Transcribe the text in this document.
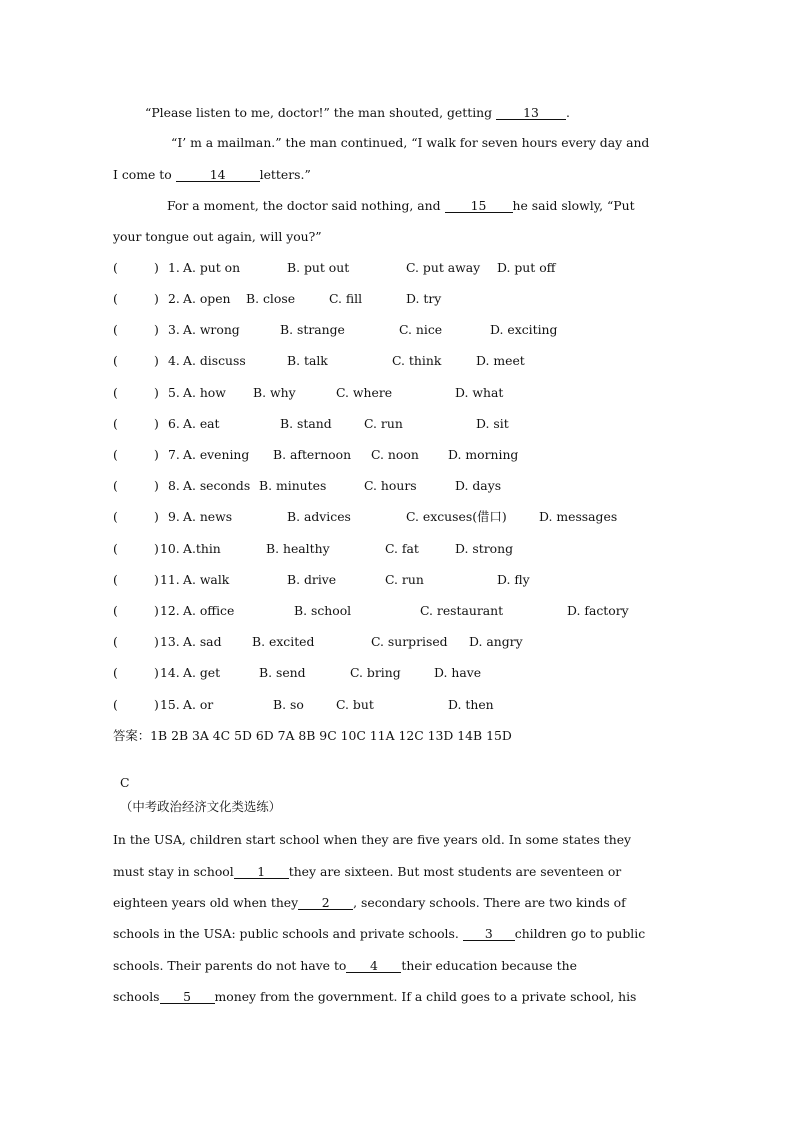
“Please listen to me, doctor!” the man shouted, getting 13 .
“I’ m a mailman.” the man continued, “I walk for seven hours every day and
I come to	14	letters.”
For a moment, the doctor said nothing, and 15 he said slowly, “Put
your tongue out again, will you?”
(	) 1. A. put on	B. put out	C. put away D. put off
(	) 2. A. open B. close	C. fill	D. try
(	) 3. A. wrong	B. strange	C. nice	D. exciting
(	) 4. A. discuss	B. talk	C. think	D. meet
(	) 5. A. how B. why	C. where	D. what
(	) 6. A. eat	B. stand	C. run	D. sit
(	) 7. A. evening B. afternoon C. noon D. morning
(	) 8. A. seconds B. minutes	C. hours	D. days
(	) 9. A. news	B. advices	C. excuses(借口)	D. messages
(	) 10. A.thin	B. healthy	C. fat	D. strong
(	) 11. A. walk	B. drive	C. run	D. fly
(	) 12. A. office	B. school	C. restaurant	D. factory
(	) 13. A. sad B. excited	C. surprised D. angry
(	) 14. A. get	B. send	C. bring	D. have
(	) 15. A. or	B. so	C. but	D. then
答案：1B 2B 3A 4C 5D 6D 7A 8B 9C 10C 11A 12C 13D 14B 15D
C
（中考政治经济文化类选练）
In the USA, children start school when they are five years old. In some states they
must stay in school 1 they are sixteen. But most students are seventeen or
eighteen years old when they 2 , secondary schools. There are two kinds of
schools in the USA: public schools and private schools. 3 children go to public
schools. Their parents do not have to 4 their education because the
schools 5 money from the government. If a child goes to a private school, his
